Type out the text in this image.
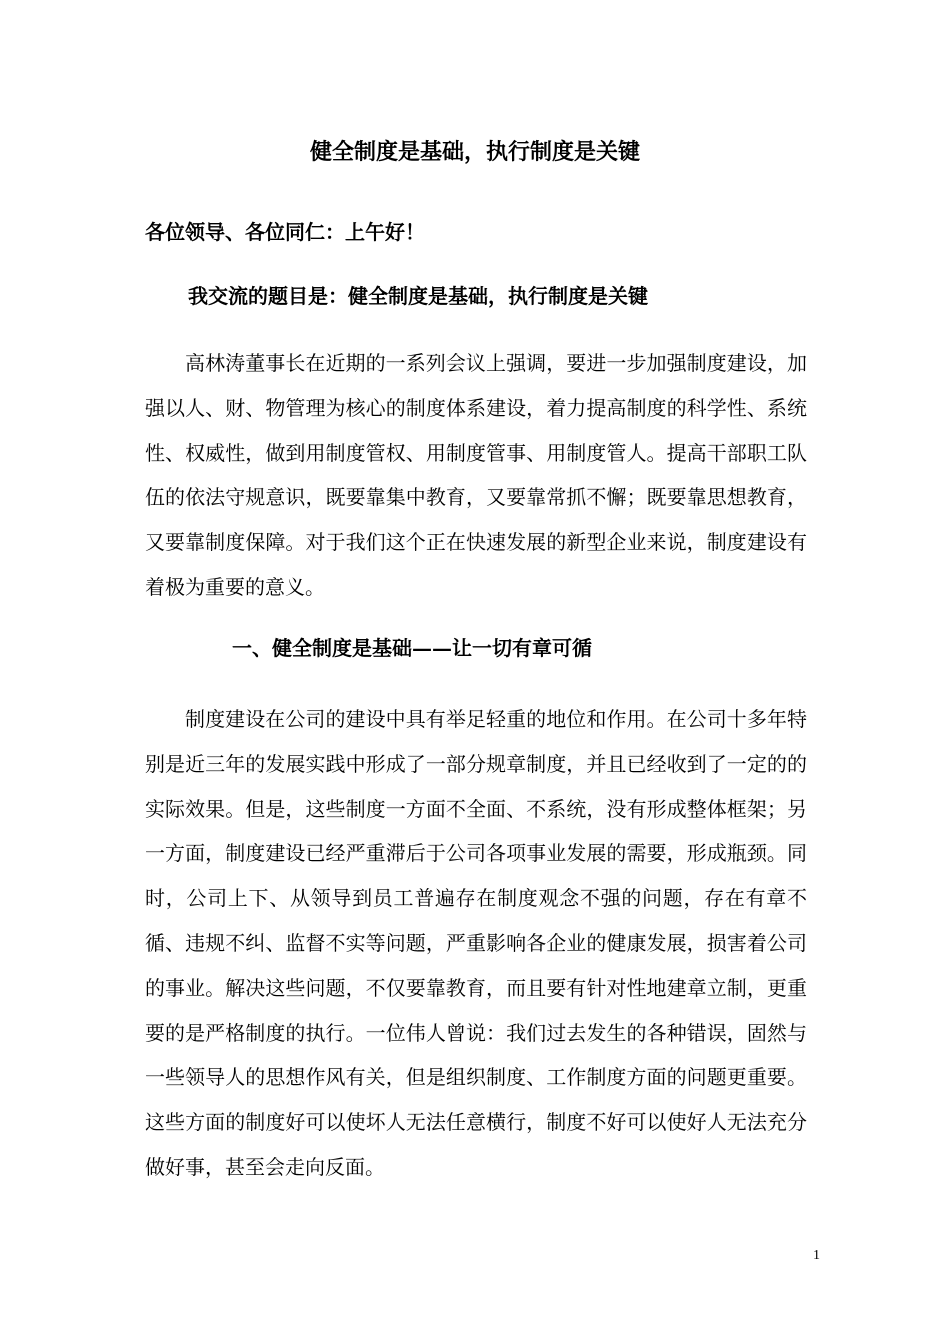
健全制度是基础，执行制度是关键

各位领导、各位同仁：上午好！

我交流的题目是：健全制度是基础，执行制度是关键

高林涛董事长在近期的一系列会议上强调，要进一步加强制度建设，加强以人、财、物管理为核心的制度体系建设，着力提高制度的科学性、系统性、权威性，做到用制度管权、用制度管事、用制度管人。提高干部职工队伍的依法守规意识，既要靠集中教育，又要靠常抓不懈；既要靠思想教育，又要靠制度保障。对于我们这个正在快速发展的新型企业来说，制度建设有着极为重要的意义。

一、健全制度是基础——让一切有章可循

制度建设在公司的建设中具有举足轻重的地位和作用。在公司十多年特别是近三年的发展实践中形成了一部分规章制度，并且已经收到了一定的的实际效果。但是，这些制度一方面不全面、不系统，没有形成整体框架；另一方面，制度建设已经严重滞后于公司各项事业发展的需要，形成瓶颈。同时，公司上下、从领导到员工普遍存在制度观念不强的问题，存在有章不循、违规不纠、监督不实等问题，严重影响各企业的健康发展，损害着公司的事业。解决这些问题，不仅要靠教育，而且要有针对性地建章立制，更重要的是严格制度的执行。一位伟人曾说：我们过去发生的各种错误，固然与一些领导人的思想作风有关，但是组织制度、工作制度方面的问题更重要。这些方面的制度好可以使坏人无法任意横行，制度不好可以使好人无法充分做好事，甚至会走向反面。

1
